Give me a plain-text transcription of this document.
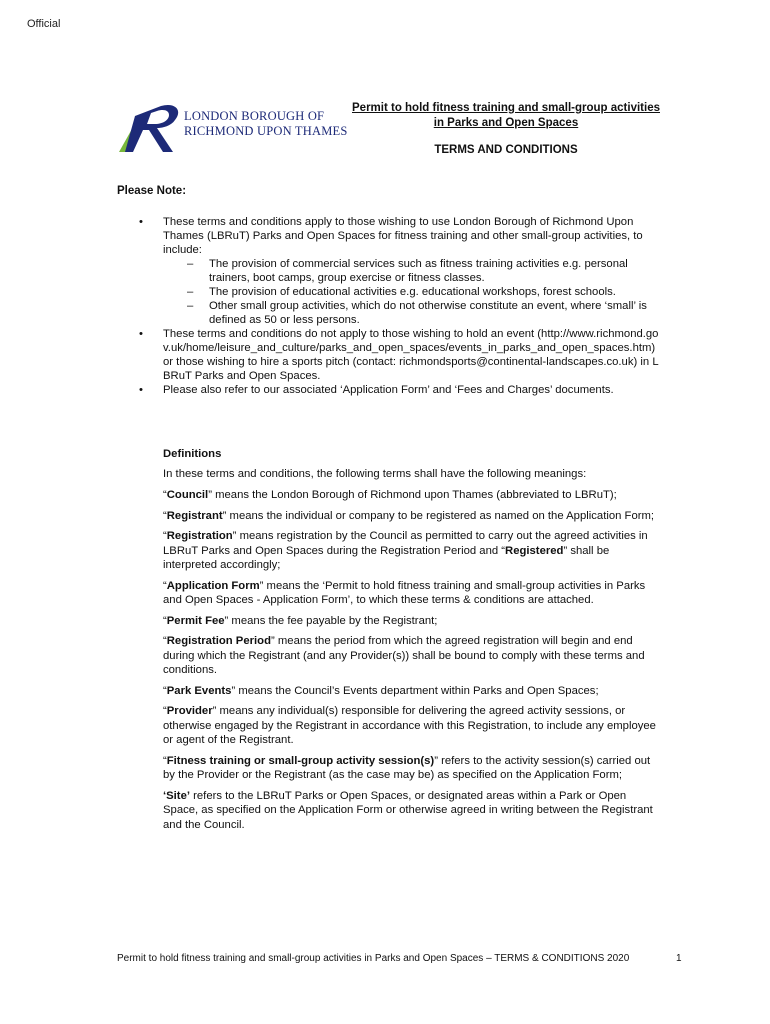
Official
LONDON BOROUGH OF
RICHMOND UPON THAMES
Permit to hold fitness training and small-group activities in Parks and Open Spaces
TERMS AND CONDITIONS
Please Note:
• These terms and conditions apply to those wishing to use London Borough of Richmond Upon Thames (LBRuT) Parks and Open Spaces for fitness training and other small-group activities, to include:
– The provision of commercial services such as fitness training activities e.g. personal trainers, boot camps, group exercise or fitness classes.
– The provision of educational activities e.g. educational workshops, forest schools.
– Other small group activities, which do not otherwise constitute an event, where ‘small’ is defined as 50 or less persons.
• These terms and conditions do not apply to those wishing to hold an event (http://www.richmond.gov.uk/home/leisure_and_culture/parks_and_open_spaces/events_in_parks_and_open_spaces.htm) or those wishing to hire a sports pitch (contact: richmondsports@continental-landscapes.co.uk) in LBRuT Parks and Open Spaces.
• Please also refer to our associated ‘Application Form’ and ‘Fees and Charges’ documents.
Definitions
In these terms and conditions, the following terms shall have the following meanings:
“Council” means the London Borough of Richmond upon Thames (abbreviated to LBRuT);
“Registrant” means the individual or company to be registered as named on the Application Form;
“Registration” means registration by the Council as permitted to carry out the agreed activities in LBRuT Parks and Open Spaces during the Registration Period and “Registered” shall be interpreted accordingly;
“Application Form” means the ‘Permit to hold fitness training and small-group activities in Parks and Open Spaces - Application Form’, to which these terms & conditions are attached.
“Permit Fee” means the fee payable by the Registrant;
“Registration Period” means the period from which the agreed registration will begin and end during which the Registrant (and any Provider(s)) shall be bound to comply with these terms and conditions.
“Park Events” means the Council’s Events department within Parks and Open Spaces;
“Provider” means any individual(s) responsible for delivering the agreed activity sessions, or otherwise engaged by the Registrant in accordance with this Registration, to include any employee or agent of the Registrant.
“Fitness training or small-group activity session(s)” refers to the activity session(s) carried out by the Provider or the Registrant (as the case may be) as specified on the Application Form;
‘Site’ refers to the LBRuT Parks or Open Spaces, or designated areas within a Park or Open Space, as specified on the Application Form or otherwise agreed in writing between the Registrant and the Council.
Permit to hold fitness training and small-group activities in Parks and Open Spaces – TERMS & CONDITIONS 2020	1
